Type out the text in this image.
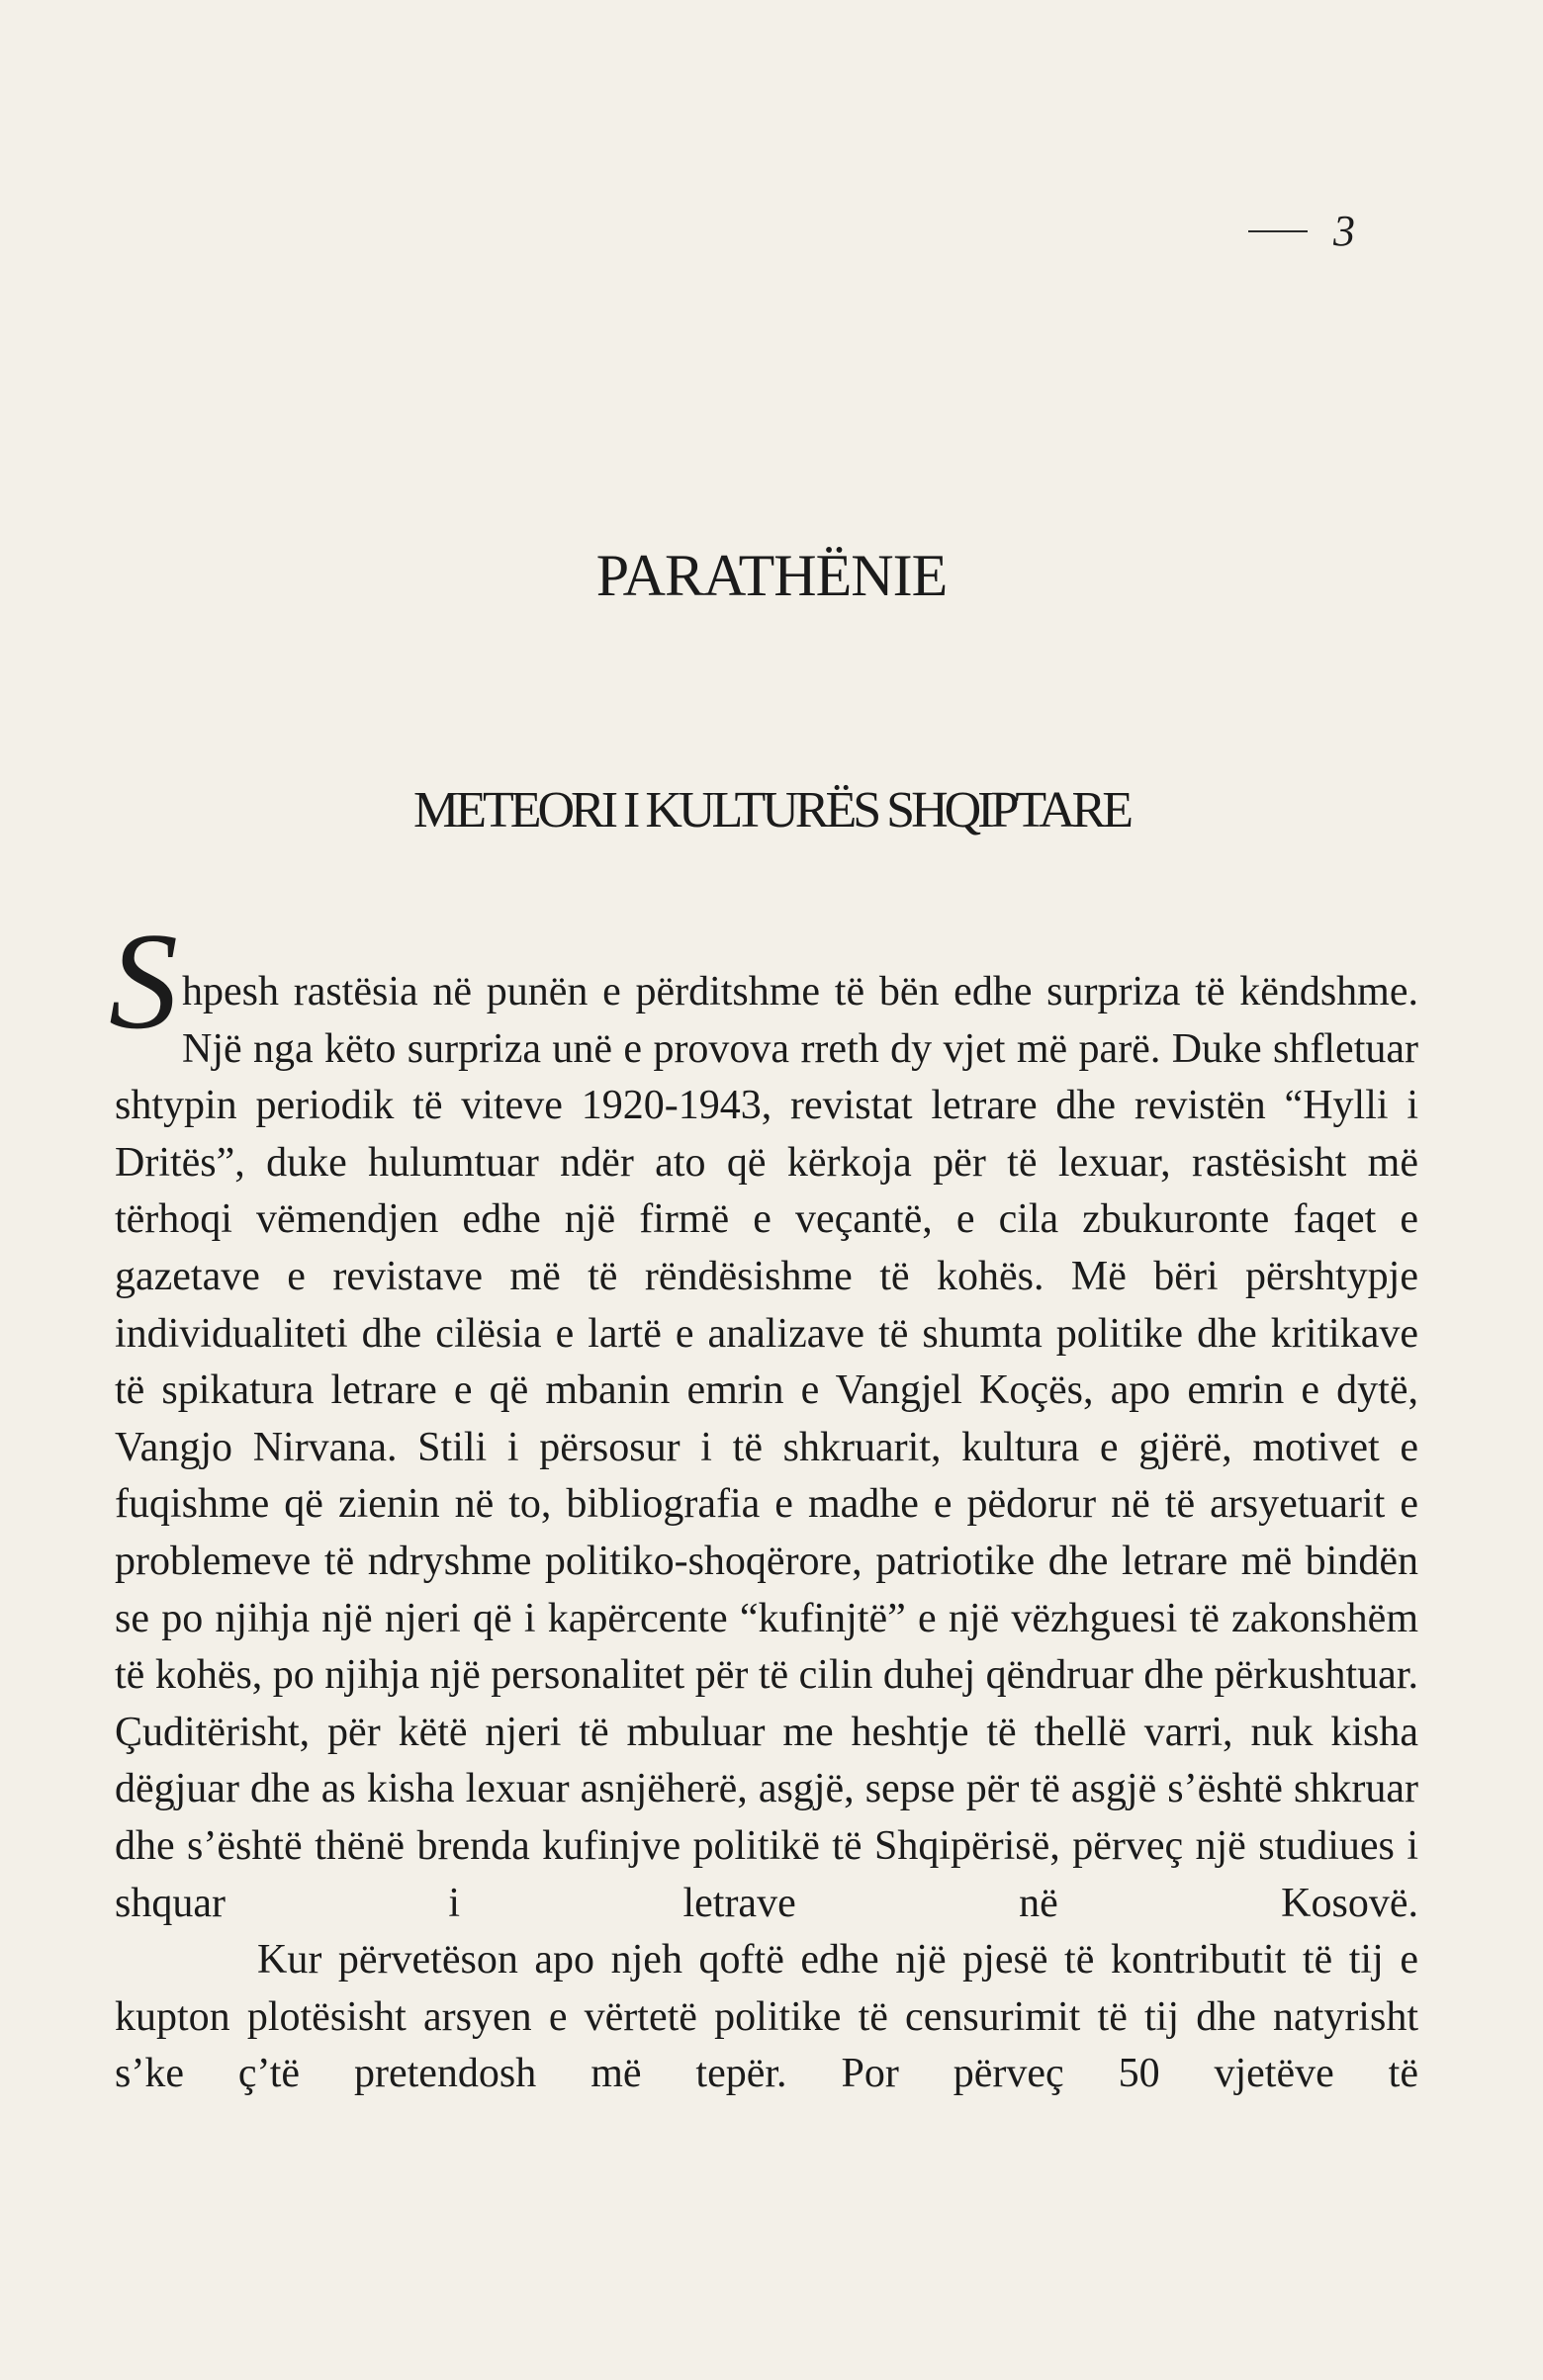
3
PARATHËNIE
METEORI I KULTURËS SHQIPTARE

Shpesh rastësia në punën e përditshme të bën edhe surpriza të këndshme. Një nga këto surpriza unë e provova rreth dy vjet më parë. Duke shfletuar shtypin periodik të viteve 1920-1943, revistat letrare dhe revistën “Hylli i Dritës”, duke hulumtuar ndër ato që kërkoja për të lexuar, rastësisht më tërhoqi vëmendjen edhe një firmë e veçantë, e cila zbukuronte faqet e gazetave e revistave më të rëndësishme të kohës. Më bëri përshtypje individualiteti dhe cilësia e lartë e analizave të shumta politike dhe kritikave të spikatura letrare e që mbanin emrin e Vangjel Koçës, apo emrin e dytë, Vangjo Nirvana. Stili i përsosur i të shkruarit, kultura e gjërë, motivet e fuqishme që zienin në to, bibliografia e madhe e pëdorur në të arsyetuarit e problemeve të ndryshme politiko-shoqërore, patriotike dhe letrare më bindën se po njihja një njeri që i kapërcente “kufinjtë” e një vëzhguesi të zakonshëm të kohës, po njihja një personalitet për të cilin duhej qëndruar dhe përkushtuar. Çuditërisht, për këtë njeri të mbuluar me heshtje të thellë varri, nuk kisha dëgjuar dhe as kisha lexuar asnjëherë, asgjë, sepse për të asgjë s’është shkruar dhe s’është thënë brenda kufinjve politikë të Shqipërisë, përveç një studiues i shquar i letrave në Kosovë.

Kur përvetëson apo njeh qoftë edhe një pjesë të kontributit të tij e kupton plotësisht arsyen e vërtetë politike të censurimit të tij dhe natyrisht s’ke ç’të pretendosh më tepër. Por përveç 50 vjetëve të
